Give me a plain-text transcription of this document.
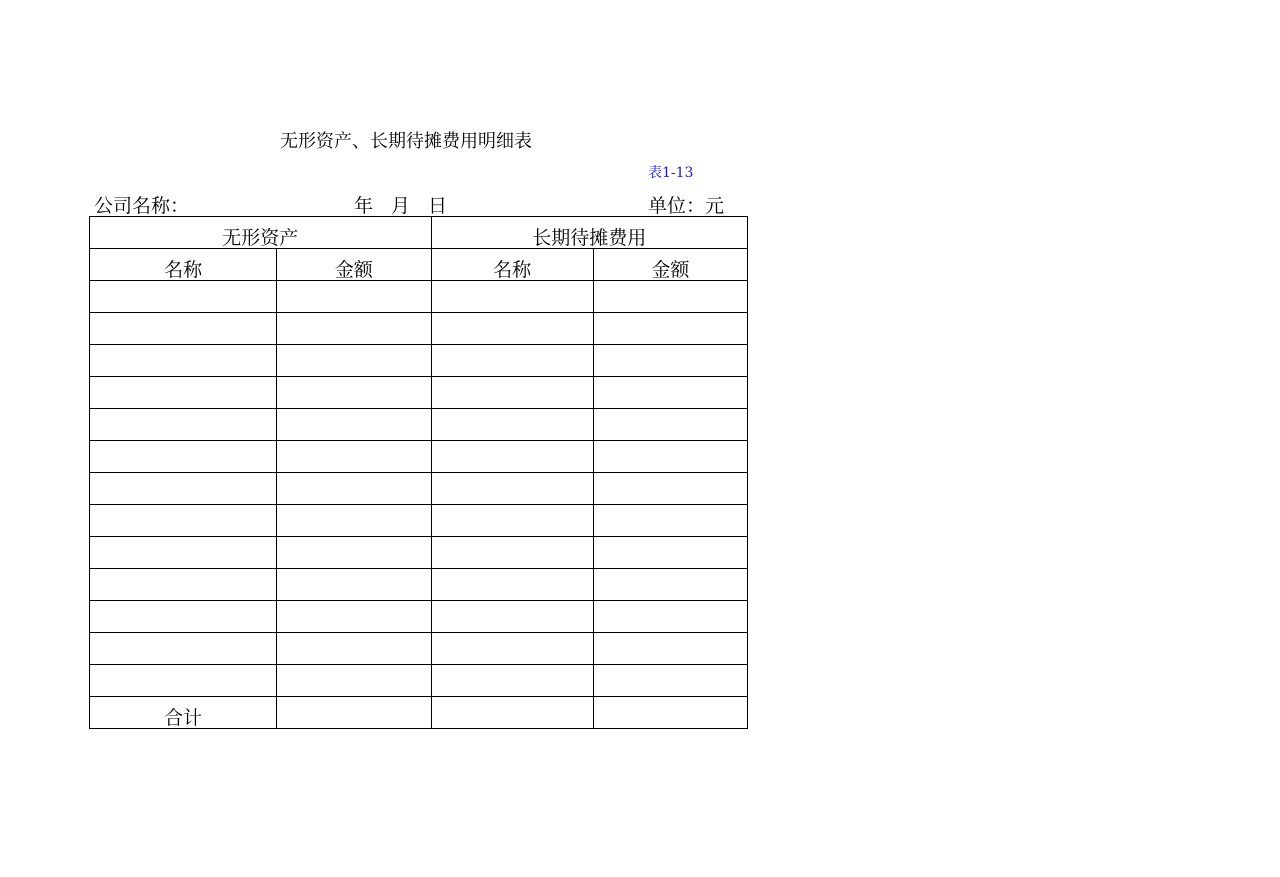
无形资产、长期待摊费用明细表
表1-13
公司名称：	年 月 日	单位：元
无形资产		长期待摊费用	
名称	金额	名称	金额

合计			
